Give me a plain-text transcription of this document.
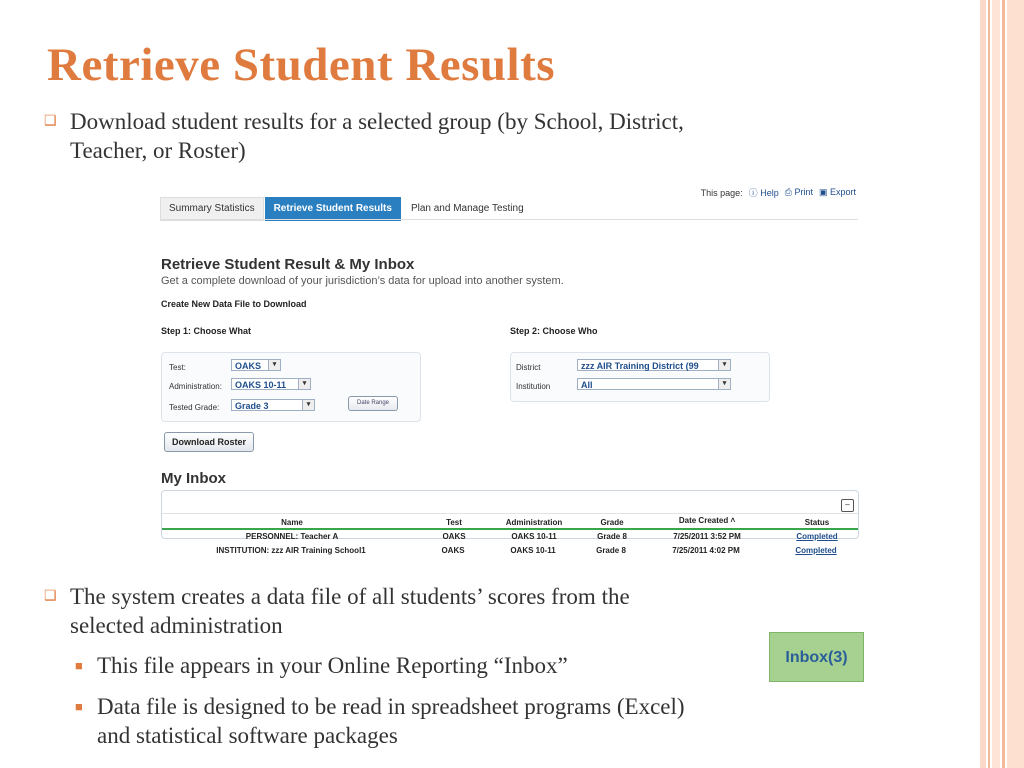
Retrieve Student Results
❑ Download student results for a selected group (by School, District,
Teacher, or Roster)
This page: ⓘ Help ⎙ Print ▣ Export
Summary Statistics	Retrieve Student Results	Plan and Manage Testing
Retrieve Student Result & My Inbox
Get a complete download of your jurisdiction’s data for upload into another system.
Create New Data File to Download
Step 1: Choose What	Step 2: Choose Who
Test:	OAKS	▾
Administration:	OAKS 10-11	▾
Tested Grade:	Grade 3	▾	Date Range
District	zzz AIR Training District (99	▾
Institution	All	▾
Download Roster
My Inbox
–
Name	Test	Administration	Grade	Date Created ˄	Status
PERSONNEL: Teacher A	OAKS	OAKS 10-11	Grade 8	7/25/2011 3:52 PM	Completed
INSTITUTION: zzz AIR Training School1	OAKS	OAKS 10-11	Grade 8	7/25/2011 4:02 PM	Completed
❑ The system creates a data file of all students’ scores from the
selected administration
■ This file appears in your Online Reporting “Inbox”	Inbox(3)
■ Data file is designed to be read in spreadsheet programs (Excel)
and statistical software packages
